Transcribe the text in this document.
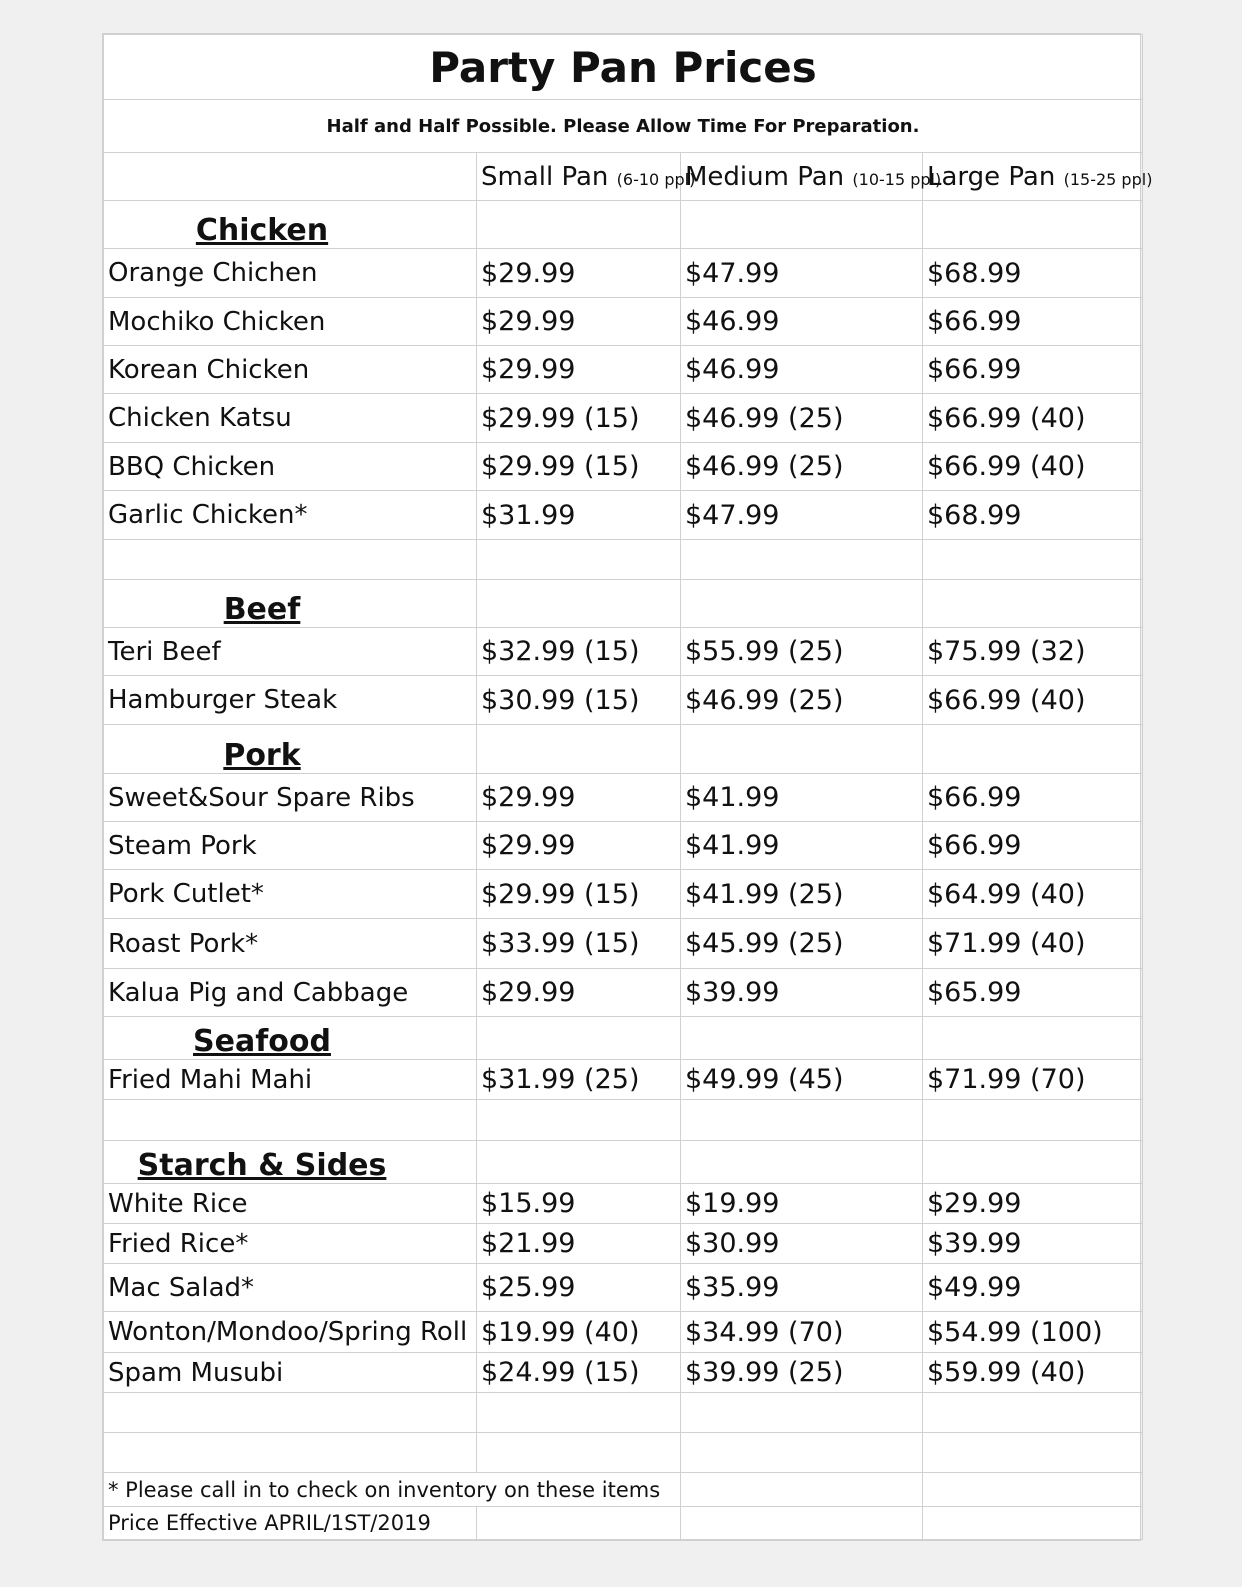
Party Pan Prices			
Half and Half Possible. Please Allow Time For Preparation.			
	Small Pan (6-10 ppl)	Medium Pan (10-15 ppl)	Large Pan (15-25 ppl)
Chicken			
Orange Chichen	$29.99	$47.99	$68.99
Mochiko Chicken	$29.99	$46.99	$66.99
Korean Chicken	$29.99	$46.99	$66.99
Chicken Katsu	$29.99 (15)	$46.99 (25)	$66.99 (40)
BBQ Chicken	$29.99 (15)	$46.99 (25)	$66.99 (40)
Garlic Chicken*	$31.99	$47.99	$68.99

Beef			
Teri Beef	$32.99 (15)	$55.99 (25)	$75.99 (32)
Hamburger Steak	$30.99 (15)	$46.99 (25)	$66.99 (40)
Pork			
Sweet&Sour Spare Ribs	$29.99	$41.99	$66.99
Steam Pork	$29.99	$41.99	$66.99
Pork Cutlet*	$29.99 (15)	$41.99 (25)	$64.99 (40)
Roast Pork*	$33.99 (15)	$45.99 (25)	$71.99 (40)
Kalua Pig and Cabbage	$29.99	$39.99	$65.99
Seafood			
Fried Mahi Mahi	$31.99 (25)	$49.99 (45)	$71.99 (70)

Starch & Sides			
White Rice	$15.99	$19.99	$29.99
Fried Rice*	$21.99	$30.99	$39.99
Mac Salad*	$25.99	$35.99	$49.99
Wonton/Mondoo/Spring Roll	$19.99 (40)	$34.99 (70)	$54.99 (100)
Spam Musubi	$24.99 (15)	$39.99 (25)	$59.99 (40)

* Please call in to check on inventory on these items			
Price Effective APRIL/1ST/2019			
